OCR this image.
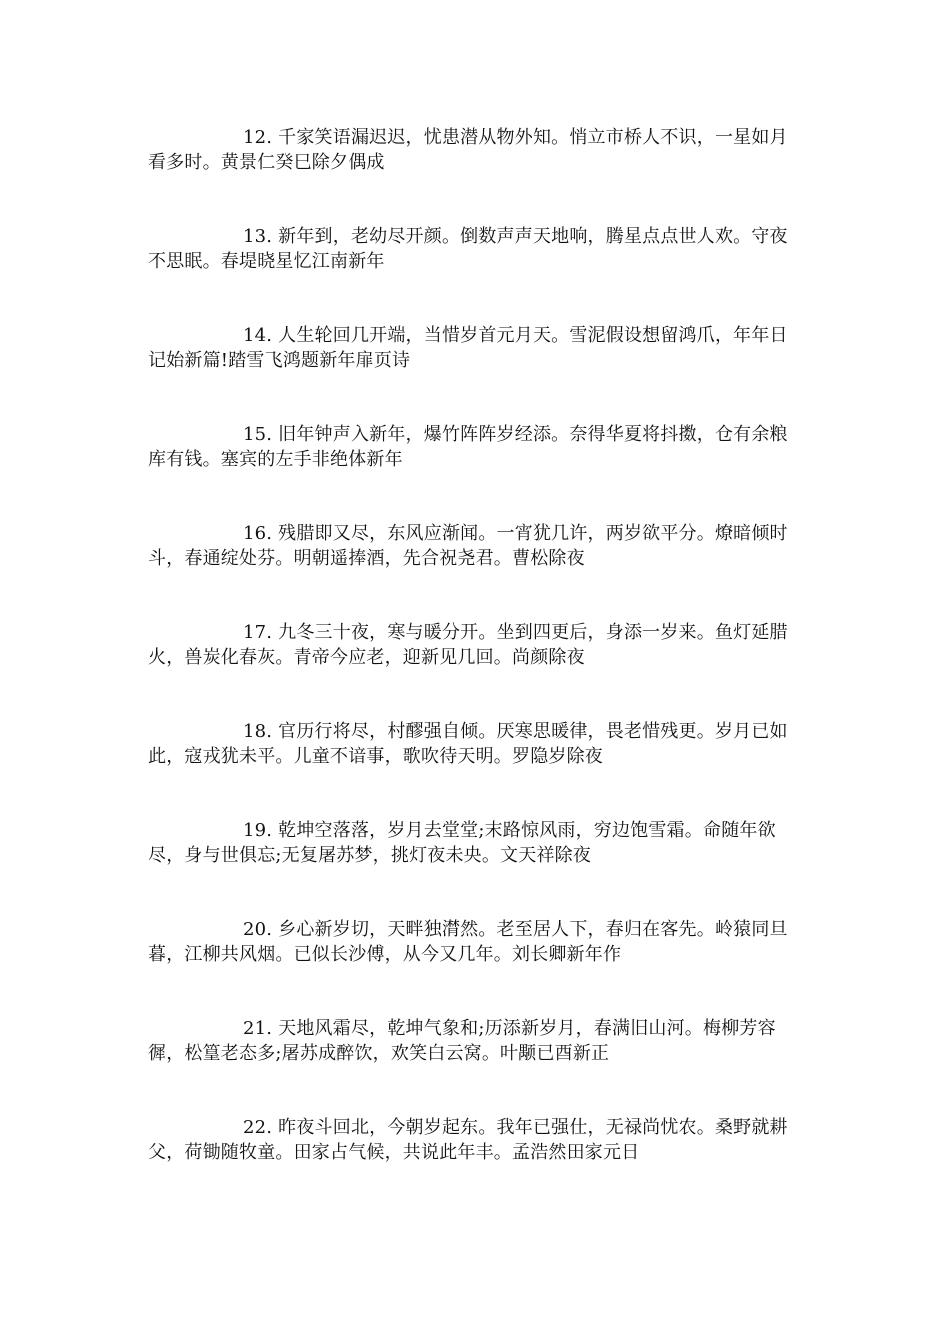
12. 千家笑语漏迟迟，忧患潜从物外知。悄立市桥人不识，一星如月看多时。黄景仁癸巳除夕偶成

13. 新年到，老幼尽开颜。倒数声声天地响，腾星点点世人欢。守夜不思眠。春堤晓星忆江南新年

14. 人生轮回几开端，当惜岁首元月天。雪泥假设想留鸿爪，年年日记始新篇!踏雪飞鸿题新年扉页诗

15. 旧年钟声入新年，爆竹阵阵岁经添。奈得华夏将抖擞，仓有余粮库有钱。塞宾的左手非绝体新年

16. 残腊即又尽，东风应渐闻。一宵犹几许，两岁欲平分。燎暗倾时斗，春通绽处芬。明朝遥捧酒，先合祝尧君。曹松除夜

17. 九冬三十夜，寒与暖分开。坐到四更后，身添一岁来。鱼灯延腊火，兽炭化春灰。青帝今应老，迎新见几回。尚颜除夜

18. 官历行将尽，村醪强自倾。厌寒思暖律，畏老惜残更。岁月已如此，寇戎犹未平。儿童不谙事，歌吹待天明。罗隐岁除夜

19. 乾坤空落落，岁月去堂堂;末路惊风雨，穷边饱雪霜。命随年欲尽，身与世俱忘;无复屠苏梦，挑灯夜未央。文天祥除夜

20. 乡心新岁切，天畔独潸然。老至居人下，春归在客先。岭猿同旦暮，江柳共风烟。已似长沙傅，从今又几年。刘长卿新年作

21. 天地风霜尽，乾坤气象和;历添新岁月，春满旧山河。梅柳芳容徲，松篁老态多;屠苏成醉饮，欢笑白云窝。叶颙已酉新正

22. 昨夜斗回北，今朝岁起东。我年已强仕，无禄尚忧农。桑野就耕父，荷锄随牧童。田家占气候，共说此年丰。孟浩然田家元日
